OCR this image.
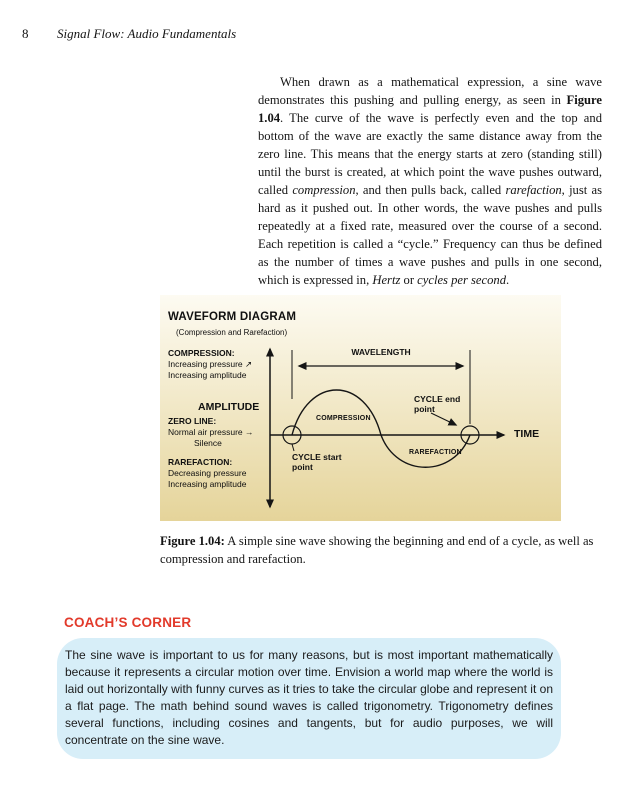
8 Signal Flow: Audio Fundamentals

When drawn as a mathematical expression, a sine wave demonstrates this pushing and pulling energy, as seen in Figure 1.04. The curve of the wave is perfectly even and the top and bottom of the wave are exactly the same distance away from the zero line. This means that the energy starts at zero (standing still) until the burst is created, at which point the wave pushes outward, called compression, and then pulls back, called rarefaction, just as hard as it pushed out. In other words, the wave pushes and pulls repeatedly at a fixed rate, measured over the course of a second. Each repetition is called a “cycle.” Frequency can thus be defined as the number of times a wave pushes and pulls in one second, which is expressed in, Hertz or cycles per second.

WAVEFORM DIAGRAM
(Compression and Rarefaction)
COMPRESSION:
Increasing pressure ↗
Increasing amplitude
AMPLITUDE
ZERO LINE:
Normal air pressure →
Silence
RAREFACTION:
Decreasing pressure
Increasing amplitude
WAVELENGTH
COMPRESSION
RAREFACTION
CYCLE end
point
CYCLE start
point
TIME

Figure 1.04: A simple sine wave showing the beginning and end of a cycle, as well as compression and rarefaction.

COACH’S CORNER

The sine wave is important to us for many reasons, but is most important mathematically because it represents a circular motion over time. Envision a world map where the world is laid out horizontally with funny curves as it tries to take the circular globe and represent it on a flat page. The math behind sound waves is called trigonometry. Trigonometry defines several functions, including cosines and tangents, but for audio purposes, we will concentrate on the sine wave.
